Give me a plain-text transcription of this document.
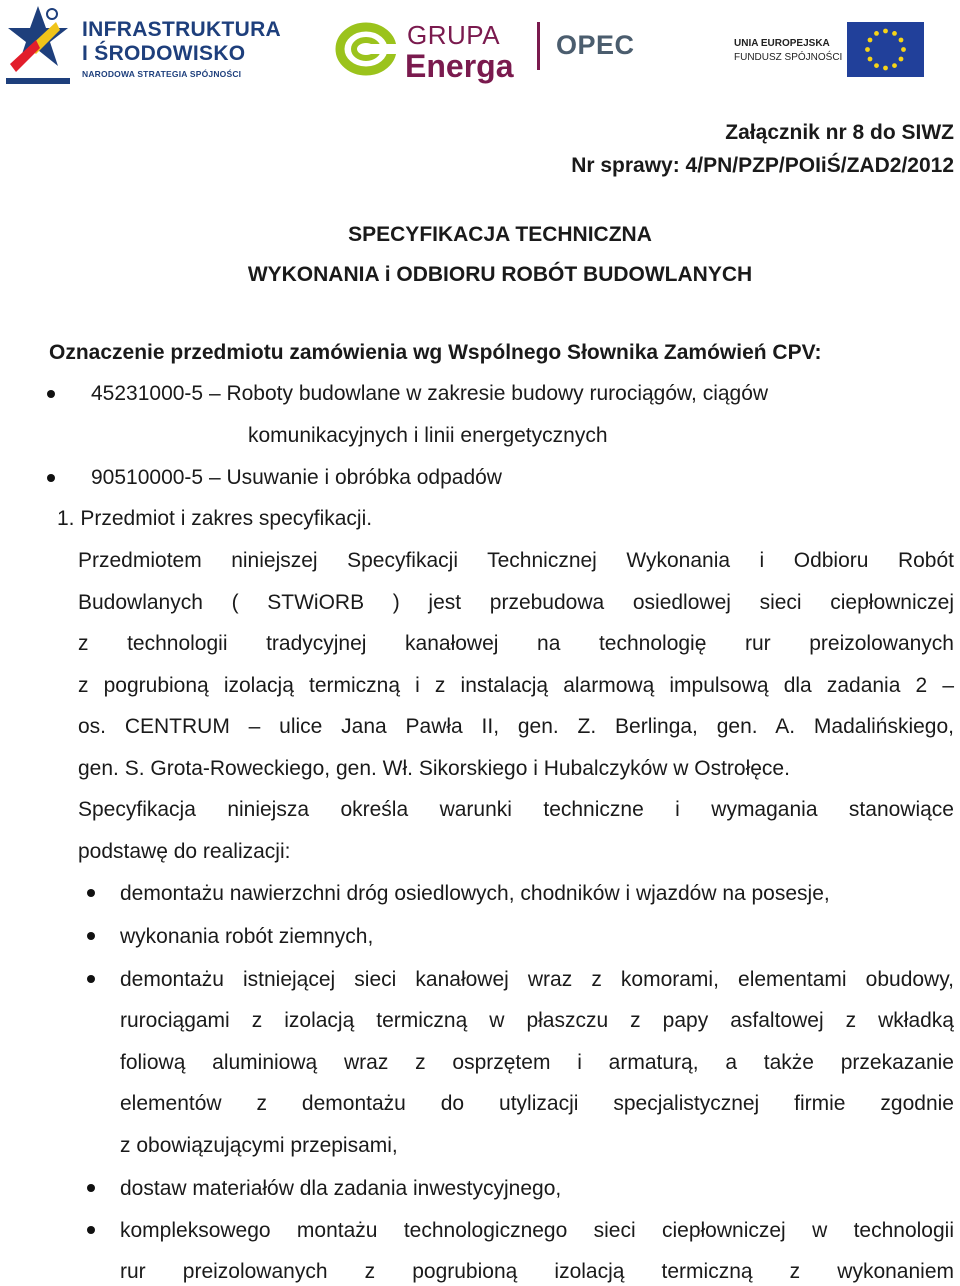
INFRASTRUKTURA
I ŚRODOWISKO
NARODOWA STRATEGIA SPÓJNOŚCI
GRUPA
Energa
OPEC	UNIA EUROPEJSKA
FUNDUSZ SPÓJNOŚCI
Załącznik nr 8 do SIWZ
Nr sprawy: 4/PN/PZP/POIiŚ/ZAD2/2012
SPECYFIKACJA TECHNICZNA
WYKONANIA i ODBIORU ROBÓT BUDOWLANYCH
Oznaczenie przedmiotu zamówienia wg Wspólnego Słownika Zamówień CPV:
45231000-5 – Roboty budowlane w zakresie budowy rurociągów, ciągów
komunikacyjnych i linii energetycznych
90510000-5 – Usuwanie i obróbka odpadów
1. Przedmiot i zakres specyfikacji.
Przedmiotem niniejszej Specyfikacji Technicznej Wykonania i Odbioru Robót
Budowlanych ( STWiORB ) jest przebudowa osiedlowej sieci ciepłowniczej
z technologii tradycyjnej kanałowej na technologię rur preizolowanych
z pogrubioną izolacją termiczną i z instalacją alarmową impulsową dla zadania 2 –
os. CENTRUM – ulice Jana Pawła II, gen. Z. Berlinga, gen. A. Madalińskiego,
gen. S. Grota-Roweckiego, gen. Wł. Sikorskiego i Hubalczyków w Ostrołęce.
Specyfikacja niniejsza określa warunki techniczne i wymagania stanowiące
podstawę do realizacji:
demontażu nawierzchni dróg osiedlowych, chodników i wjazdów na posesje,
wykonania robót ziemnych,
demontażu istniejącej sieci kanałowej wraz z komorami, elementami obudowy,
rurociągami z izolacją termiczną w płaszczu z papy asfaltowej z wkładką
foliową aluminiową wraz z osprzętem i armaturą, a także przekazanie
elementów z demontażu do utylizacji specjalistycznej firmie zgodnie
z obowiązującymi przepisami,
dostaw materiałów dla zadania inwestycyjnego,
kompleksowego montażu technologicznego sieci ciepłowniczej w technologii
rur preizolowanych z pogrubioną izolacją termiczną z wykonaniem
